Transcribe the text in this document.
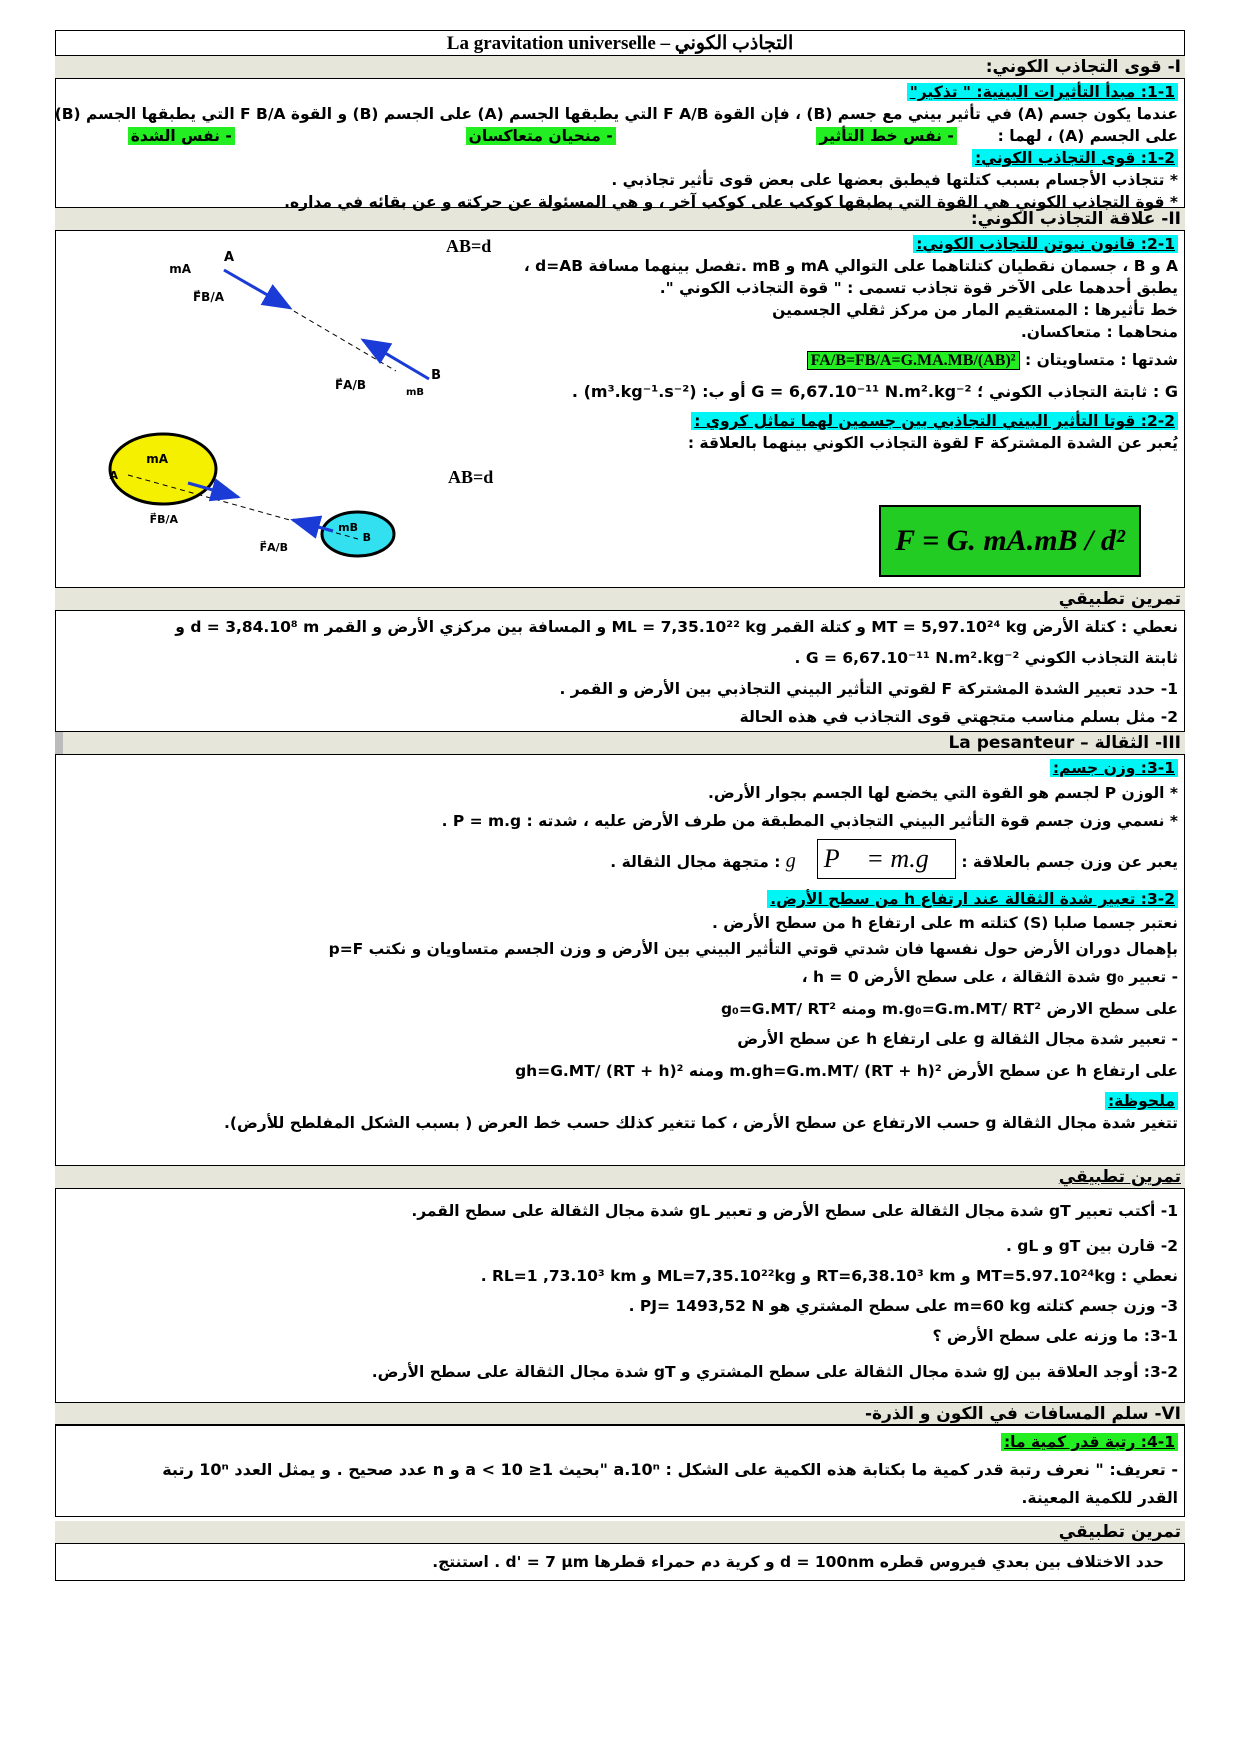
La gravitation universelle – التجاذب الكوني
I- قوى التجاذب الكوني:

1-1: مبدأ التأثيرات البينية: " تذكير"

عندما يكون جسم (A) في تأثير بيني مع جسم (B) ، فإن القوة F A/B التي يطبقها الجسم (A) على الجسم (B) و القوة F B/A التي يطبقها الجسم (B)

على الجسم (A) ، لهما :  - نفس خط التأثير  - منحيان متعاكسان  - نفس الشدة

1-2: قوى التجاذب الكوني:

* تتجاذب الأجسام بسبب كتلتها فيطبق بعضها على بعض قوى تأثير تجاذبي .

* قوة التجاذب الكوني هي القوة التي يطبقها كوكب على كوكب آخر ، و هي المسئولة عن حركته و عن بقائه في مداره.

II- علاقة التجاذب الكوني:
A
mA
F⃗B/A
F⃗A/B
B
mB
AB=d	2-1: قانون نيوتن للتجاذب الكوني:

A و B ، جسمان نقطيان كتلتاهما على التوالي mA و mB .تفصل بينهما مسافة d=AB ،

يطبق أحدهما على الآخر قوة تجاذب تسمى : " قوة التجاذب الكوني ".

خط تأثيرها : المستقيم المار من مركز ثقلي الجسمين

منحاهما : متعاكسان.

شدتها : متساويتان : FA/B=FB/A=G.MA.MB/(AB)²

G : ثابتة التجاذب الكوني ؛ G = 6,67.10⁻¹¹ N.m².kg⁻² أو ب: (m³.kg⁻¹.s⁻²) .

A
mA
F⃗B/A
F⃗A/B
mB
B
AB=d

2-2: قوتا التأثير البيني التجاذبي بين جسمين لهما تماثل كروي :

يُعبر عن الشدة المشتركة F لقوة التجاذب الكوني بينهما بالعلاقة :

F = G. mA.mB / d²
تمرين تطبيقي

نعطي : كتلة الأرض MT = 5,97.10²⁴ kg و كتلة القمر ML = 7,35.10²² kg و المسافة بين مركزي الأرض و القمر d = 3,84.10⁸ m و

ثابتة التجاذب الكوني G = 6,67.10⁻¹¹ N.m².kg⁻² .

1- حدد تعبير الشدة المشتركة F لقوتي التأثير البيني التجاذبي بين الأرض و القمر .

2- مثل بسلم مناسب متجهتي قوى التجاذب في هذه الحالة

III- الثقالة – La pesanteur

3-1: وزن جسم:

* الوزن P لجسم هو القوة التي يخضع لها الجسم بجوار الأرض.

* نسمي وزن جسم قوة التأثير البيني التجاذبي المطبقة من طرف الأرض عليه ، شدته : P = m.g .

يعبر عن وزن جسم بالعلاقة : P⃗ = m.g⃗ g⃗ : متجهة مجال الثقالة .

3-2: تعبير شدة الثقالة عند ارتفاع h من سطح الأرض.

نعتبر جسما صلبا (S) كتلته m على ارتفاع h من سطح الأرض .

بإهمال دوران الأرض حول نفسها فان شدتي قوتي التأثير البيني بين الأرض و وزن الجسم متساويان و نكتب p=F

- تعبير g₀ شدة الثقالة ، على سطح الأرض h = 0 ،

على سطح الارض m.g₀=G.m.MT/ RT² ومنه g₀=G.MT/ RT²

- تعبير شدة مجال الثقالة g على ارتفاع h عن سطح الأرض

على ارتفاع h عن سطح الأرض m.gh=G.m.MT/ (RT + h)² ومنه gh=G.MT/ (RT + h)²

ملحوظة:

تتغير شدة مجال الثقالة g حسب الارتفاع عن سطح الأرض ، كما تتغير كذلك حسب خط العرض ( بسبب الشكل المفلطح للأرض).

تمرين تطبيقي

1- أكتب تعبير gT شدة مجال الثقالة على سطح الأرض و تعبير gL شدة مجال الثقالة على سطح القمر.

2- قارن بين gT و gL .

نعطي : MT=5.97.10²⁴kg و RT=6,38.10³ km و ML=7,35.10²²kg و RL=1 ,73.10³ km .

3- وزن جسم كتلته m=60 kg على سطح المشتري هو PJ= 1493,52 N .

3-1: ما وزنه على سطح الأرض ؟

3-2: أوجد العلاقة بين gJ شدة مجال الثقالة على سطح المشتري و gT شدة مجال الثقالة على سطح الأرض.

VI- سلم المسافات في الكون و الذرة-

4-1: رتبة قدر كمية ما:

- تعريف: " نعرف رتبة قدر كمية ما بكتابة هذه الكمية على الشكل : a.10ⁿ "بحيث 1≤ a < 10 و n عدد صحيح . و يمثل العدد 10ⁿ رتبة

القدر للكمية المعينة.

تمرين تطبيقي

حدد الاختلاف بين بعدي فيروس قطره d = 100nm و كرية دم حمراء قطرها d' = 7 µm . استنتج.
